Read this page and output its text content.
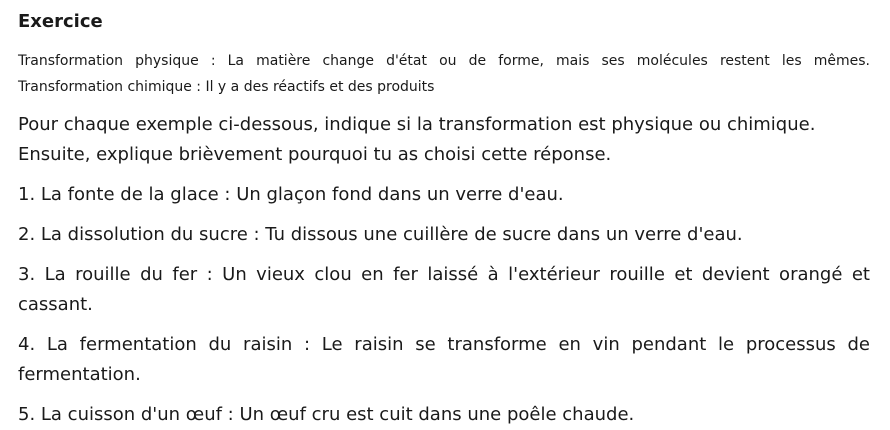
Exercice
Transformation physique : La matière change d'état ou de forme, mais ses molécules restent les mêmes.
Transformation chimique : Il y a des réactifs et des produits
Pour chaque exemple ci-dessous, indique si la transformation est physique ou chimique. Ensuite, explique brièvement pourquoi tu as choisi cette réponse.
1. La fonte de la glace : Un glaçon fond dans un verre d'eau.
2. La dissolution du sucre : Tu dissous une cuillère de sucre dans un verre d'eau.
3. La rouille du fer : Un vieux clou en fer laissé à l'extérieur rouille et devient orangé et cassant.
4. La fermentation du raisin : Le raisin se transforme en vin pendant le processus de fermentation.
5. La cuisson d'un œuf : Un œuf cru est cuit dans une poêle chaude.
